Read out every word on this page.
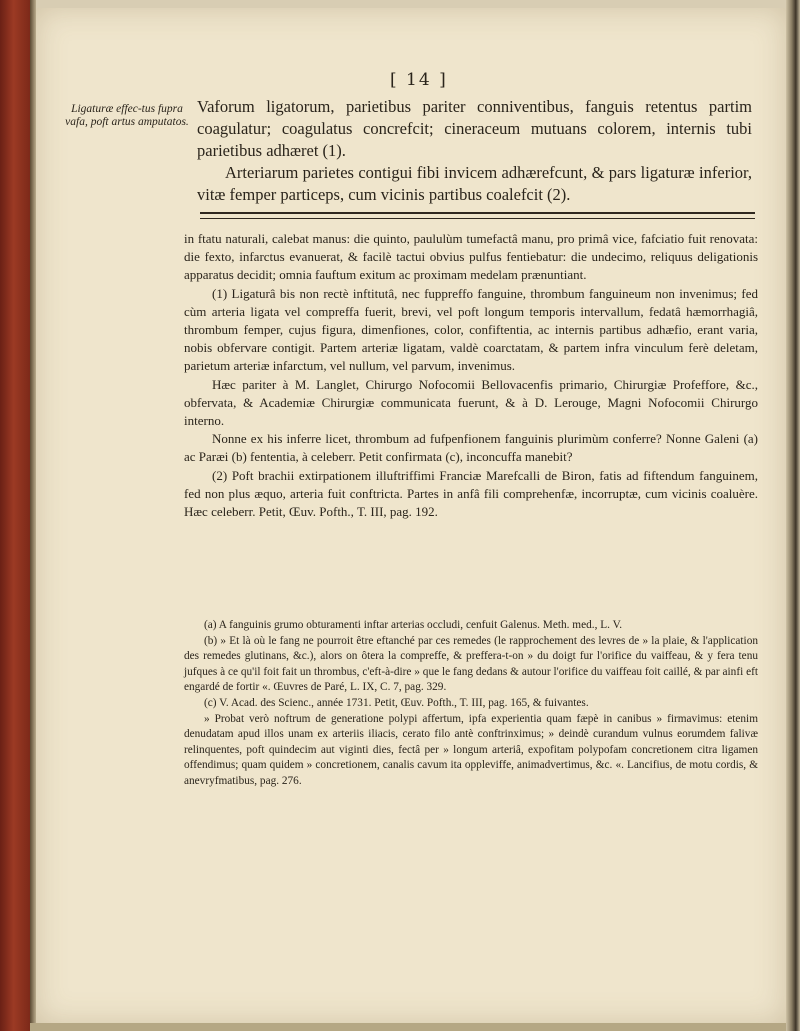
[ 14 ]
Ligaturæ effec-tus fupra vafa, poft artus amputatos.

Vaforum ligatorum, parietibus pariter conniventibus, fanguis retentus partim coagulatur; coagulatus concrefcit; cineraceum mutuans colorem, internis tubi parietibus adhæret (1).

Arteriarum parietes contigui fibi invicem adhærefcunt, & pars ligaturæ inferior, vitæ femper particeps, cum vicinis partibus coalefcit (2).

in ftatu naturali, calebat manus: die quinto, paululùm tumefactâ manu, pro primâ vice, fafciatio fuit renovata: die fexto, infarctus evanuerat, & facilè tactui obvius pulfus fentiebatur: die undecimo, reliquus deligationis apparatus decidit; omnia fauftum exitum ac proximam medelam prænuntiant.

(1) Ligaturâ bis non rectè inftitutâ, nec fuppreffo fanguine, thrombum fanguineum non invenimus; fed cùm arteria ligata vel compreffa fuerit, brevi, vel poft longum temporis intervallum, fedatâ hæmorrhagiâ, thrombum femper, cujus figura, dimenfiones, color, confiftentia, ac internis partibus adhæfio, erant varia, nobis obfervare contigit. Partem arteriæ ligatam, valdè coarctatam, & partem infra vinculum ferè deletam, parietum arteriæ infarctum, vel nullum, vel parvum, invenimus.

Hæc pariter à M. Langlet, Chirurgo Nofocomii Bellovacenfis primario, Chirurgiæ Profeffore, &c., obfervata, & Academiæ Chirurgiæ communicata fuerunt, & à D. Lerouge, Magni Nofocomii Chirurgo interno.

Nonne ex his inferre licet, thrombum ad fufpenfionem fanguinis plurimùm conferre? Nonne Galeni (a) ac Paræi (b) fententia, à celeberr. Petit confirmata (c), inconcuffa manebit?

(2) Poft brachii extirpationem illuftriffimi Franciæ Marefcalli de Biron, fatis ad fiftendum fanguinem, fed non plus æquo, arteria fuit conftricta. Partes in anfâ fili comprehenfæ, incorruptæ, cum vicinis coaluère. Hæc celeberr. Petit, Œuv. Pofth., T. III, pag. 192.

(a) A fanguinis grumo obturamenti inftar arterias occludi, cenfuit Galenus. Meth. med., L. V.

(b) » Et là où le fang ne pourroit être eftanché par ces remedes (le rapprochement des levres de » la plaie, & l'application des remedes glutinans, &c.), alors on ôtera la compreffe, & preffera-t-on » du doigt fur l'orifice du vaiffeau, & y fera tenu jufques à ce qu'il foit fait un thrombus, c'eft-à-dire » que le fang dedans & autour l'orifice du vaiffeau foit caillé, & par ainfi eft engardé de fortir «. Œuvres de Paré, L. IX, C. 7, pag. 329.

(c) V. Acad. des Scienc., année 1731. Petit, Œuv. Pofth., T. III, pag. 165, & fuivantes.

» Probat verò noftrum de generatione polypi affertum, ipfa experientia quam fæpè in canibus » firmavimus: etenim denudatam apud illos unam ex arteriis iliacis, cerato filo antè conftrinximus; » deindè curandum vulnus eorumdem falivæ relinquentes, poft quindecim aut viginti dies, fectâ per » longum arteriâ, expofitam polypofam concretionem citra ligamen offendimus; quam quidem » concretionem, canalis cavum ita oppleviffe, animadvertimus, &c. «. Lancifius, de motu cordis, & anevryfmatibus, pag. 276.
